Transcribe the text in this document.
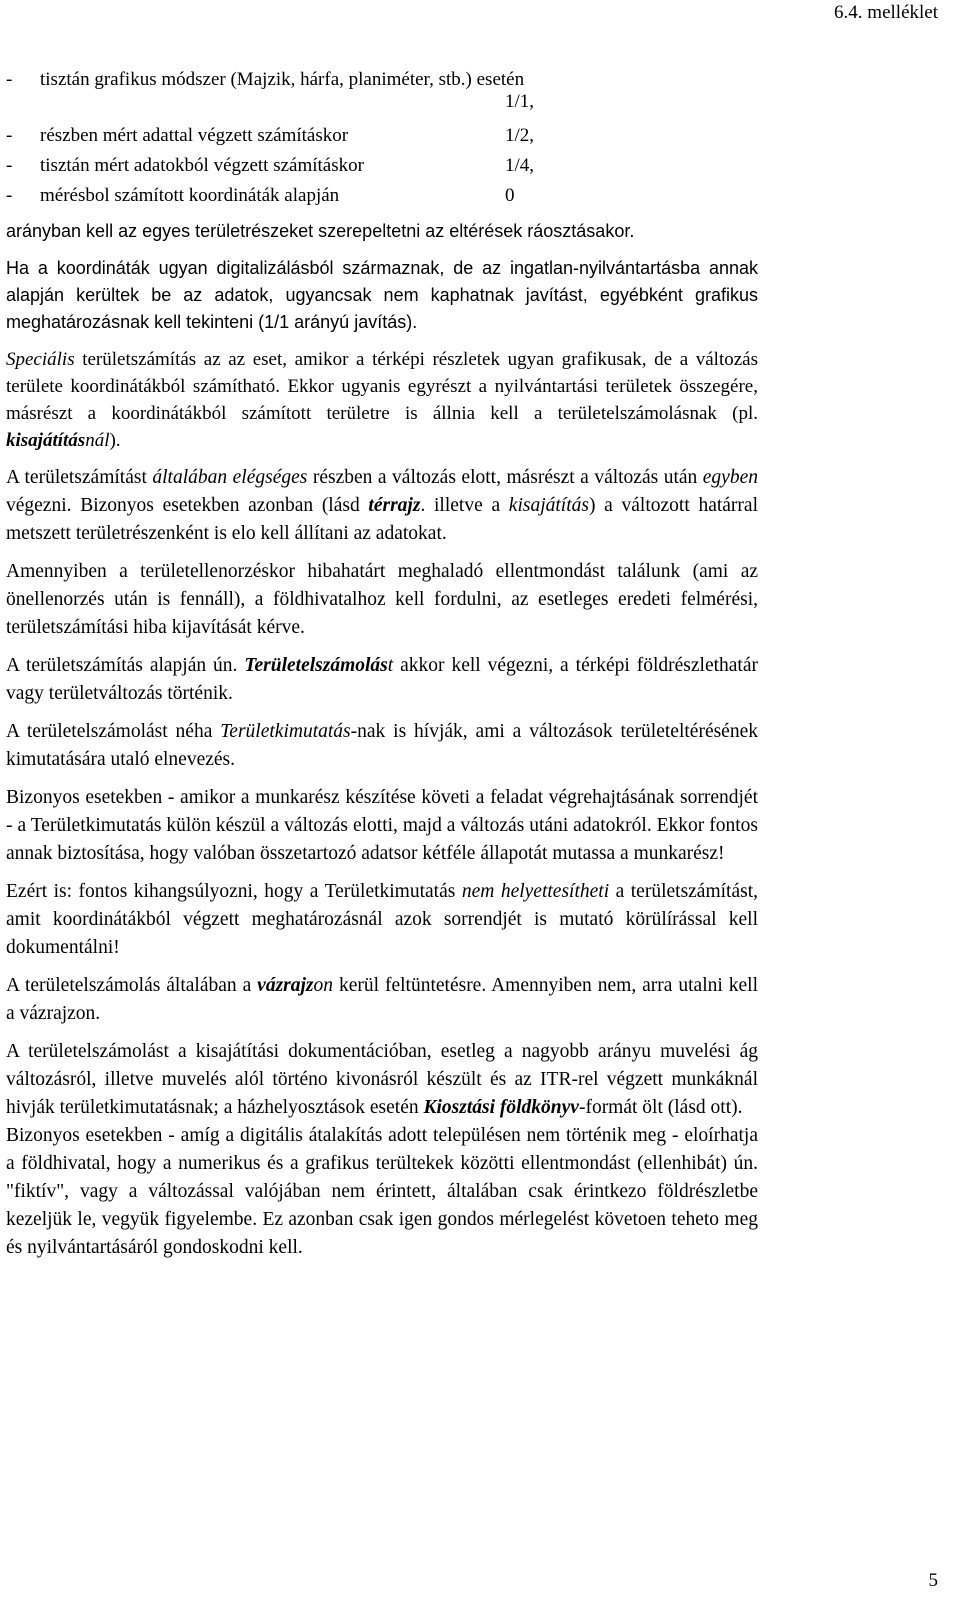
6.4. melléklet
-	tisztán grafikus módszer (Majzik, hárfa, planiméter, stb.) esetén
1/1,
-	részben mért adattal végzett számításkor	1/2,
-	tisztán mért adatokból végzett számításkor	1/4,
-	mérésbol számított koordináták alapján	0

arányban kell az egyes területrészeket szerepeltetni az eltérések ráosztásakor.

Ha a koordináták ugyan digitalizálásból származnak, de az ingatlan-nyilvántartásba annak alapján kerültek be az adatok, ugyancsak nem kaphatnak javítást, egyébként grafikus meghatározásnak kell tekinteni (1/1 arányú javítás).

Speciális területszámítás az az eset, amikor a térképi részletek ugyan grafikusak, de a változás területe koordinátákból számítható. Ekkor ugyanis egyrészt a nyilvántartási területek összegére, másrészt a koordinátákból számított területre is állnia kell a területelszámolásnak (pl. kisajátításnál).

A területszámítást általában elégséges részben a változás elott, másrészt a változás után egyben végezni. Bizonyos esetekben azonban (lásd térrajz. illetve a kisajátítás) a változott határral metszett területrészenként is elo kell állítani az adatokat.

Amennyiben a területellenorzéskor hibahatárt meghaladó ellentmondást találunk (ami az önellenorzés után is fennáll), a földhivatalhoz kell fordulni, az esetleges eredeti felmérési, területszámítási hiba kijavítását kérve.

A területszámítás alapján ún. Területelszámolást akkor kell végezni, a térképi földrészlethatár vagy területváltozás történik.

A területelszámolást néha Területkimutatás-nak is hívják, ami a változások területeltérésének kimutatására utaló elnevezés.

Bizonyos esetekben - amikor a munkarész készítése követi a feladat végrehajtásának sorrendjét - a Területkimutatás külön készül a változás elotti, majd a változás utáni adatokról. Ekkor fontos annak biztosítása, hogy valóban összetartozó adatsor kétféle állapotát mutassa a munkarész!

Ezért is: fontos kihangsúlyozni, hogy a Területkimutatás nem helyettesítheti a területszámítást, amit koordinátákból végzett meghatározásnál azok sorrendjét is mutató körülírással kell dokumentálni!

A területelszámolás általában a vázrajzon kerül feltüntetésre. Amennyiben nem, arra utalni kell a vázrajzon.

A területelszámolást a kisajátítási dokumentációban, esetleg a nagyobb arányu muvelési ág változásról, illetve muvelés alól történo kivonásról készült és az ITR-rel végzett munkáknál hivják területkimutatásnak; a házhelyosztások esetén Kiosztási földkönyv-formát ölt (lásd ott).

Bizonyos esetekben - amíg a digitális átalakítás adott településen nem történik meg - eloírhatja a földhivatal, hogy a numerikus és a grafikus terültekek közötti ellentmondást (ellenhibát) ún. "fiktív", vagy a változással valójában nem érintett, általában csak érintkezo földrészletbe kezeljük le, vegyük figyelembe. Ez azonban csak igen gondos mérlegelést követoen teheto meg és nyilvántartásáról gondoskodni kell.

5
